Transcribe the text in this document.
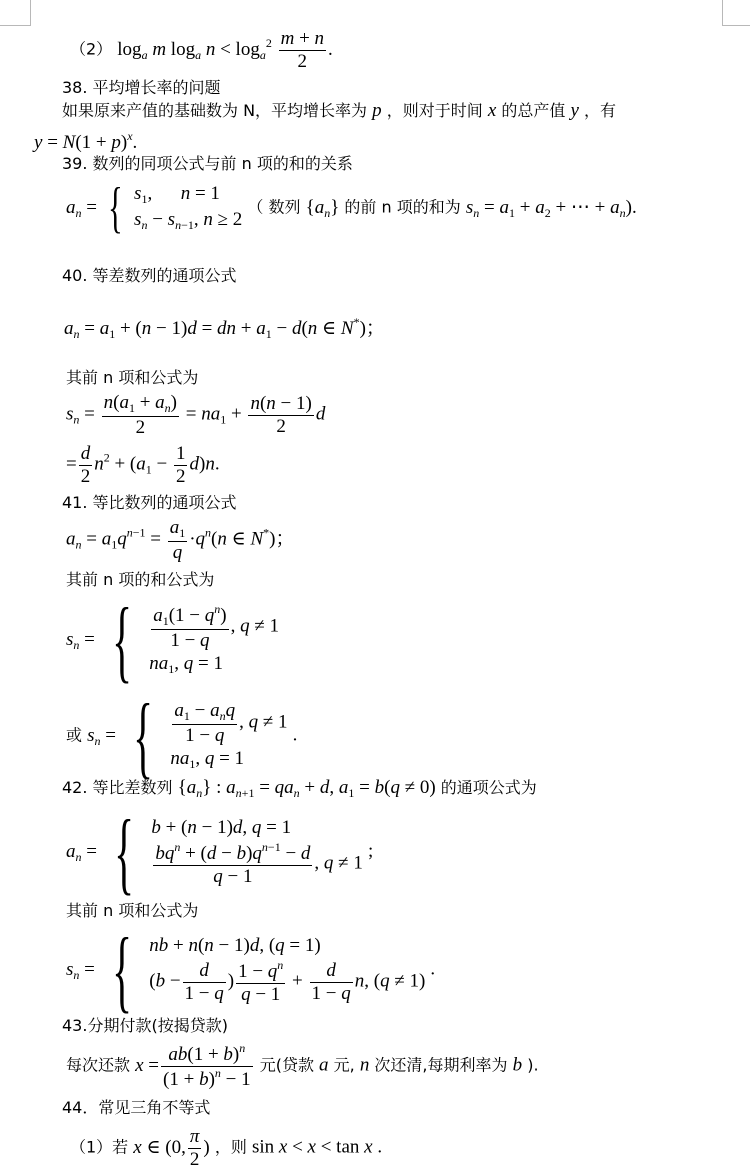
（2） $\log_a m$ $\log_a n < \log_a^2 \frac{m + n}{2}$ .
38. 平均增长率的问题
如果原来产值的基础数为 N，平均增长率为 p ，则对于时间 x 的总产值 y ，有
$y = N(1 + p)^x$.
39. 数列的同项公式与前 n 项的和的关系
$a_n$ = { $s_1$,      n = 1
$s_n - s_{n-1}$, n ≥ 2
（ 数列 $\{a_n\}$ 的前 n 项的和为 $s_n = a_1 + a_2$ + ⋯ + $a_n$).
40. 等差数列的通项公式
$a_n = a_1 + (n - 1)d$ = dn + $a_1 - d(n$ ∈ N*)；
其前 n 项和公式为
$s_n = \frac{n(a_1 + a_n)}{2} = na_1 + \frac{n(n - 1)}{2}$ d
= $\frac{d}{2} n^2 + (a_1 - \frac{1}{2} d)n$.
41. 等比数列的通项公式
$a_n = a_1q^{n-1} = \frac{a_1}{q} \cdot q^n(n$ ∈ N*)；
其前 n 项的和公式为
$s_n$ = { $\frac{a_1(1 - q^n)}{1 - q}$ , q ≠ 1
$na_1$, q = 1
或 $s_n$ = { $\frac{a_1 - a_nq}{1 - q}$ , q ≠ 1
$na_1$, q = 1
.
42. 等比差数列 $\{a_n\}$ : $a_{n+1} = qa_n + d$, $a_1 = b(q \ne 0)$ 的通项公式为
$a_n$ = { b + (n − 1)d, q = 1
$\frac{bq^n + (d - b)q^{n-1} - d}{q - 1}$ , q ≠ 1
;
其前 n 项和公式为
$s_n$ = { nb + n(n − 1)d, (q = 1)
($b - \frac{d}{1 - q}$ ) $\frac{1 - q^n}{q - 1} + \frac{d}{1 - q} n$, (q ≠ 1)
.
43.分期付款(按揭贷款)
每次还款 $x = \frac{ab(1 + b)^n}{(1 + b)^n - 1}$ 元(贷款 a 元, n 次还清,每期利率为 b ).
44．常见三角不等式
（1）若 x ∈ (0, $\frac{\pi}{2}$ ) ，则 sin x < x < tan x .
